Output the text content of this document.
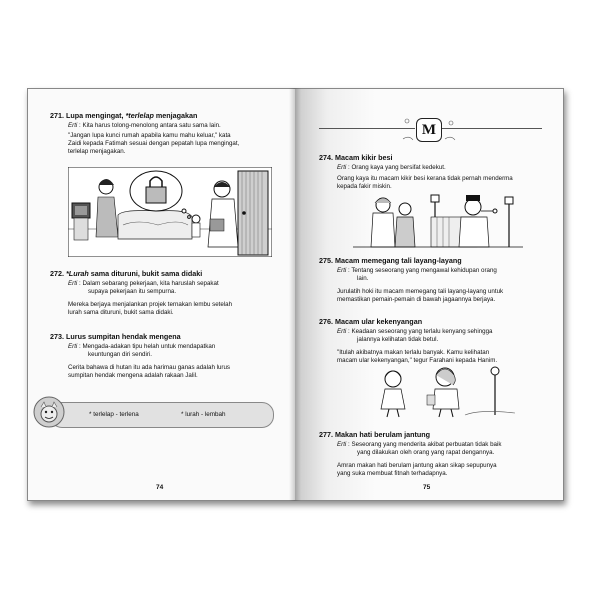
271. Lupa mengingat, *terlelap menjagakan
Erti : Kita harus tolong-menolong antara satu sama lain.
"Jangan lupa kunci rumah apabila kamu mahu keluar," kata
Zaidi kepada Fatimah sesuai dengan pepatah lupa mengingat,
terlelap menjagakan.
272. *Lurah sama dituruni, bukit sama didaki
Erti : Dalam sebarang pekerjaan, kita haruslah sepakat
supaya pekerjaan itu sempurna.
Mereka berjaya menjalankan projek ternakan lembu setelah
lurah sama dituruni, bukit sama didaki.
273. Lurus sumpitan hendak mengena
Erti : Mengada-adakan tipu helah untuk mendapatkan
keuntungan diri sendiri.
Cerita bahawa di hutan itu ada harimau ganas adalah lurus
sumpitan hendak mengena adalah rakaan Jalil.
* terlelap - terlena	* lurah - lembah
74
M
274. Macam kikir besi
Erti : Orang kaya yang bersifat kedekut.
Orang kaya itu macam kikir besi kerana tidak pernah menderma
kepada fakir miskin.
275. Macam memegang tali layang-layang
Erti : Tentang seseorang yang mengawal kehidupan orang
lain.
Jurulatih hoki itu macam memegang tali layang-layang untuk
memastikan pemain-pemain di bawah jagaannya berjaya.
276. Macam ular kekenyangan
Erti : Keadaan seseorang yang terlalu kenyang sehingga
jalannya kelihatan tidak betul.
"Itulah akibatnya makan terlalu banyak. Kamu kelihatan
macam ular kekenyangan," tegur Farahani kepada Hanim.
277. Makan hati berulam jantung
Erti : Seseorang yang menderita akibat perbuatan tidak baik
yang dilakukan oleh orang yang rapat dengannya.
Amran makan hati berulam jantung akan sikap sepupunya
yang suka membuat fitnah terhadapnya.
75
